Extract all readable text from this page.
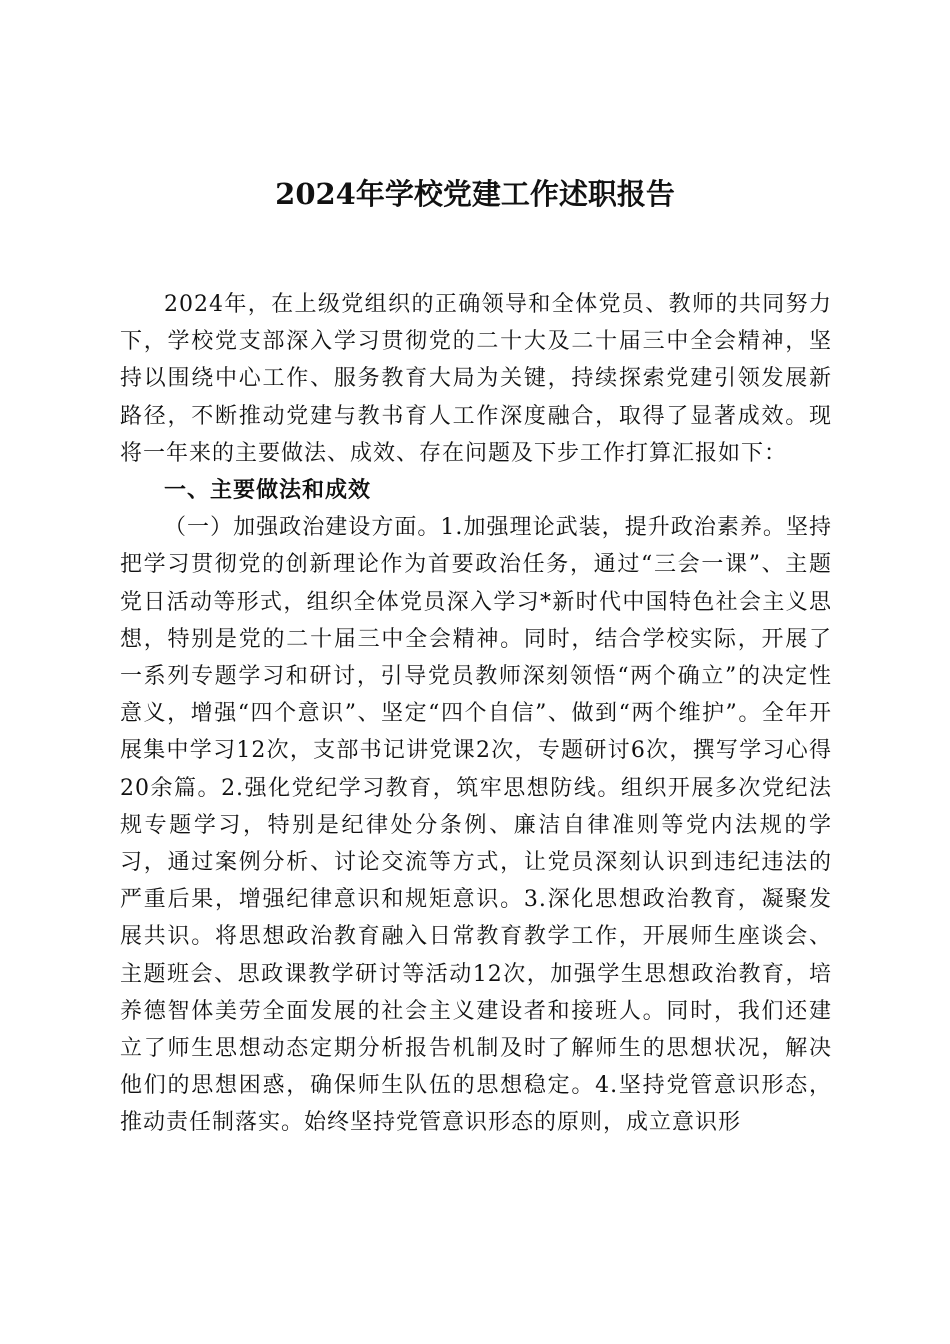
2024年学校党建工作述职报告

2024年，在上级党组织的正确领导和全体党员、教师的共同努力下，学校党支部深入学习贯彻党的二十大及二十届三中全会精神，坚持以围绕中心工作、服务教育大局为关键，持续探索党建引领发展新路径，不断推动党建与教书育人工作深度融合，取得了显著成效。现将一年来的主要做法、成效、存在问题及下步工作打算汇报如下：

一、主要做法和成效

（一）加强政治建设方面。1.加强理论武装，提升政治素养。坚持把学习贯彻党的创新理论作为首要政治任务，通过“三会一课”、主题党日活动等形式，组织全体党员深入学习*新时代中国特色社会主义思想，特别是党的二十届三中全会精神。同时，结合学校实际，开展了一系列专题学习和研讨，引导党员教师深刻领悟“两个确立”的决定性意义，增强“四个意识”、坚定“四个自信”、做到“两个维护”。全年开展集中学习12次，支部书记讲党课2次，专题研讨6次，撰写学习心得20余篇。2.强化党纪学习教育，筑牢思想防线。组织开展多次党纪法规专题学习，特别是纪律处分条例、廉洁自律准则等党内法规的学习，通过案例分析、讨论交流等方式，让党员深刻认识到违纪违法的严重后果，增强纪律意识和规矩意识。3.深化思想政治教育，凝聚发展共识。将思想政治教育融入日常教育教学工作，开展师生座谈会、主题班会、思政课教学研讨等活动12次，加强学生思想政治教育，培养德智体美劳全面发展的社会主义建设者和接班人。同时，我们还建立了师生思想动态定期分析报告机制及时了解师生的思想状况，解决他们的思想困惑，确保师生队伍的思想稳定。4.坚持党管意识形态，推动责任制落实。始终坚持党管意识形态的原则，成立意识形
